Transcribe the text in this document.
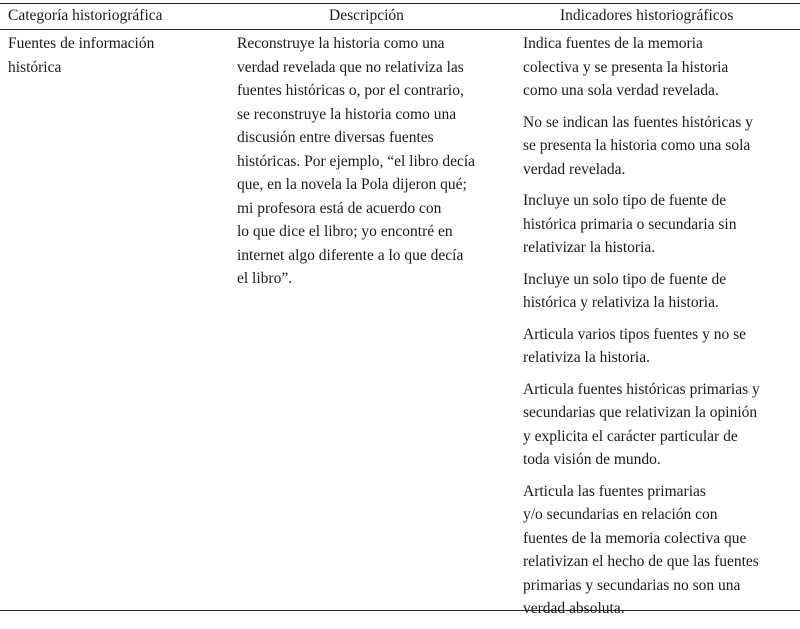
Categoría historiográfica	Descripción	Indicadores historiográficos
Fuentes de información
histórica
Reconstruye la historia como una
verdad revelada que no relativiza las
fuentes históricas o, por el contrario,
se reconstruye la historia como una
discusión entre diversas fuentes
históricas. Por ejemplo, “el libro decía
que, en la novela la Pola dijeron qué;
mi profesora está de acuerdo con
lo que dice el libro; yo encontré en
internet algo diferente a lo que decía
el libro”.
Indica fuentes de la memoria
colectiva y se presenta la historia
como una sola verdad revelada.
No se indican las fuentes históricas y
se presenta la historia como una sola
verdad revelada.
Incluye un solo tipo de fuente de
histórica primaria o secundaria sin
relativizar la historia.
Incluye un solo tipo de fuente de
histórica y relativiza la historia.
Articula varios tipos fuentes y no se
relativiza la historia.
Articula fuentes históricas primarias y
secundarias que relativizan la opinión
y explicita el carácter particular de
toda visión de mundo.
Articula las fuentes primarias
y/o secundarias en relación con
fuentes de la memoria colectiva que
relativizan el hecho de que las fuentes
primarias y secundarias no son una
verdad absoluta.
